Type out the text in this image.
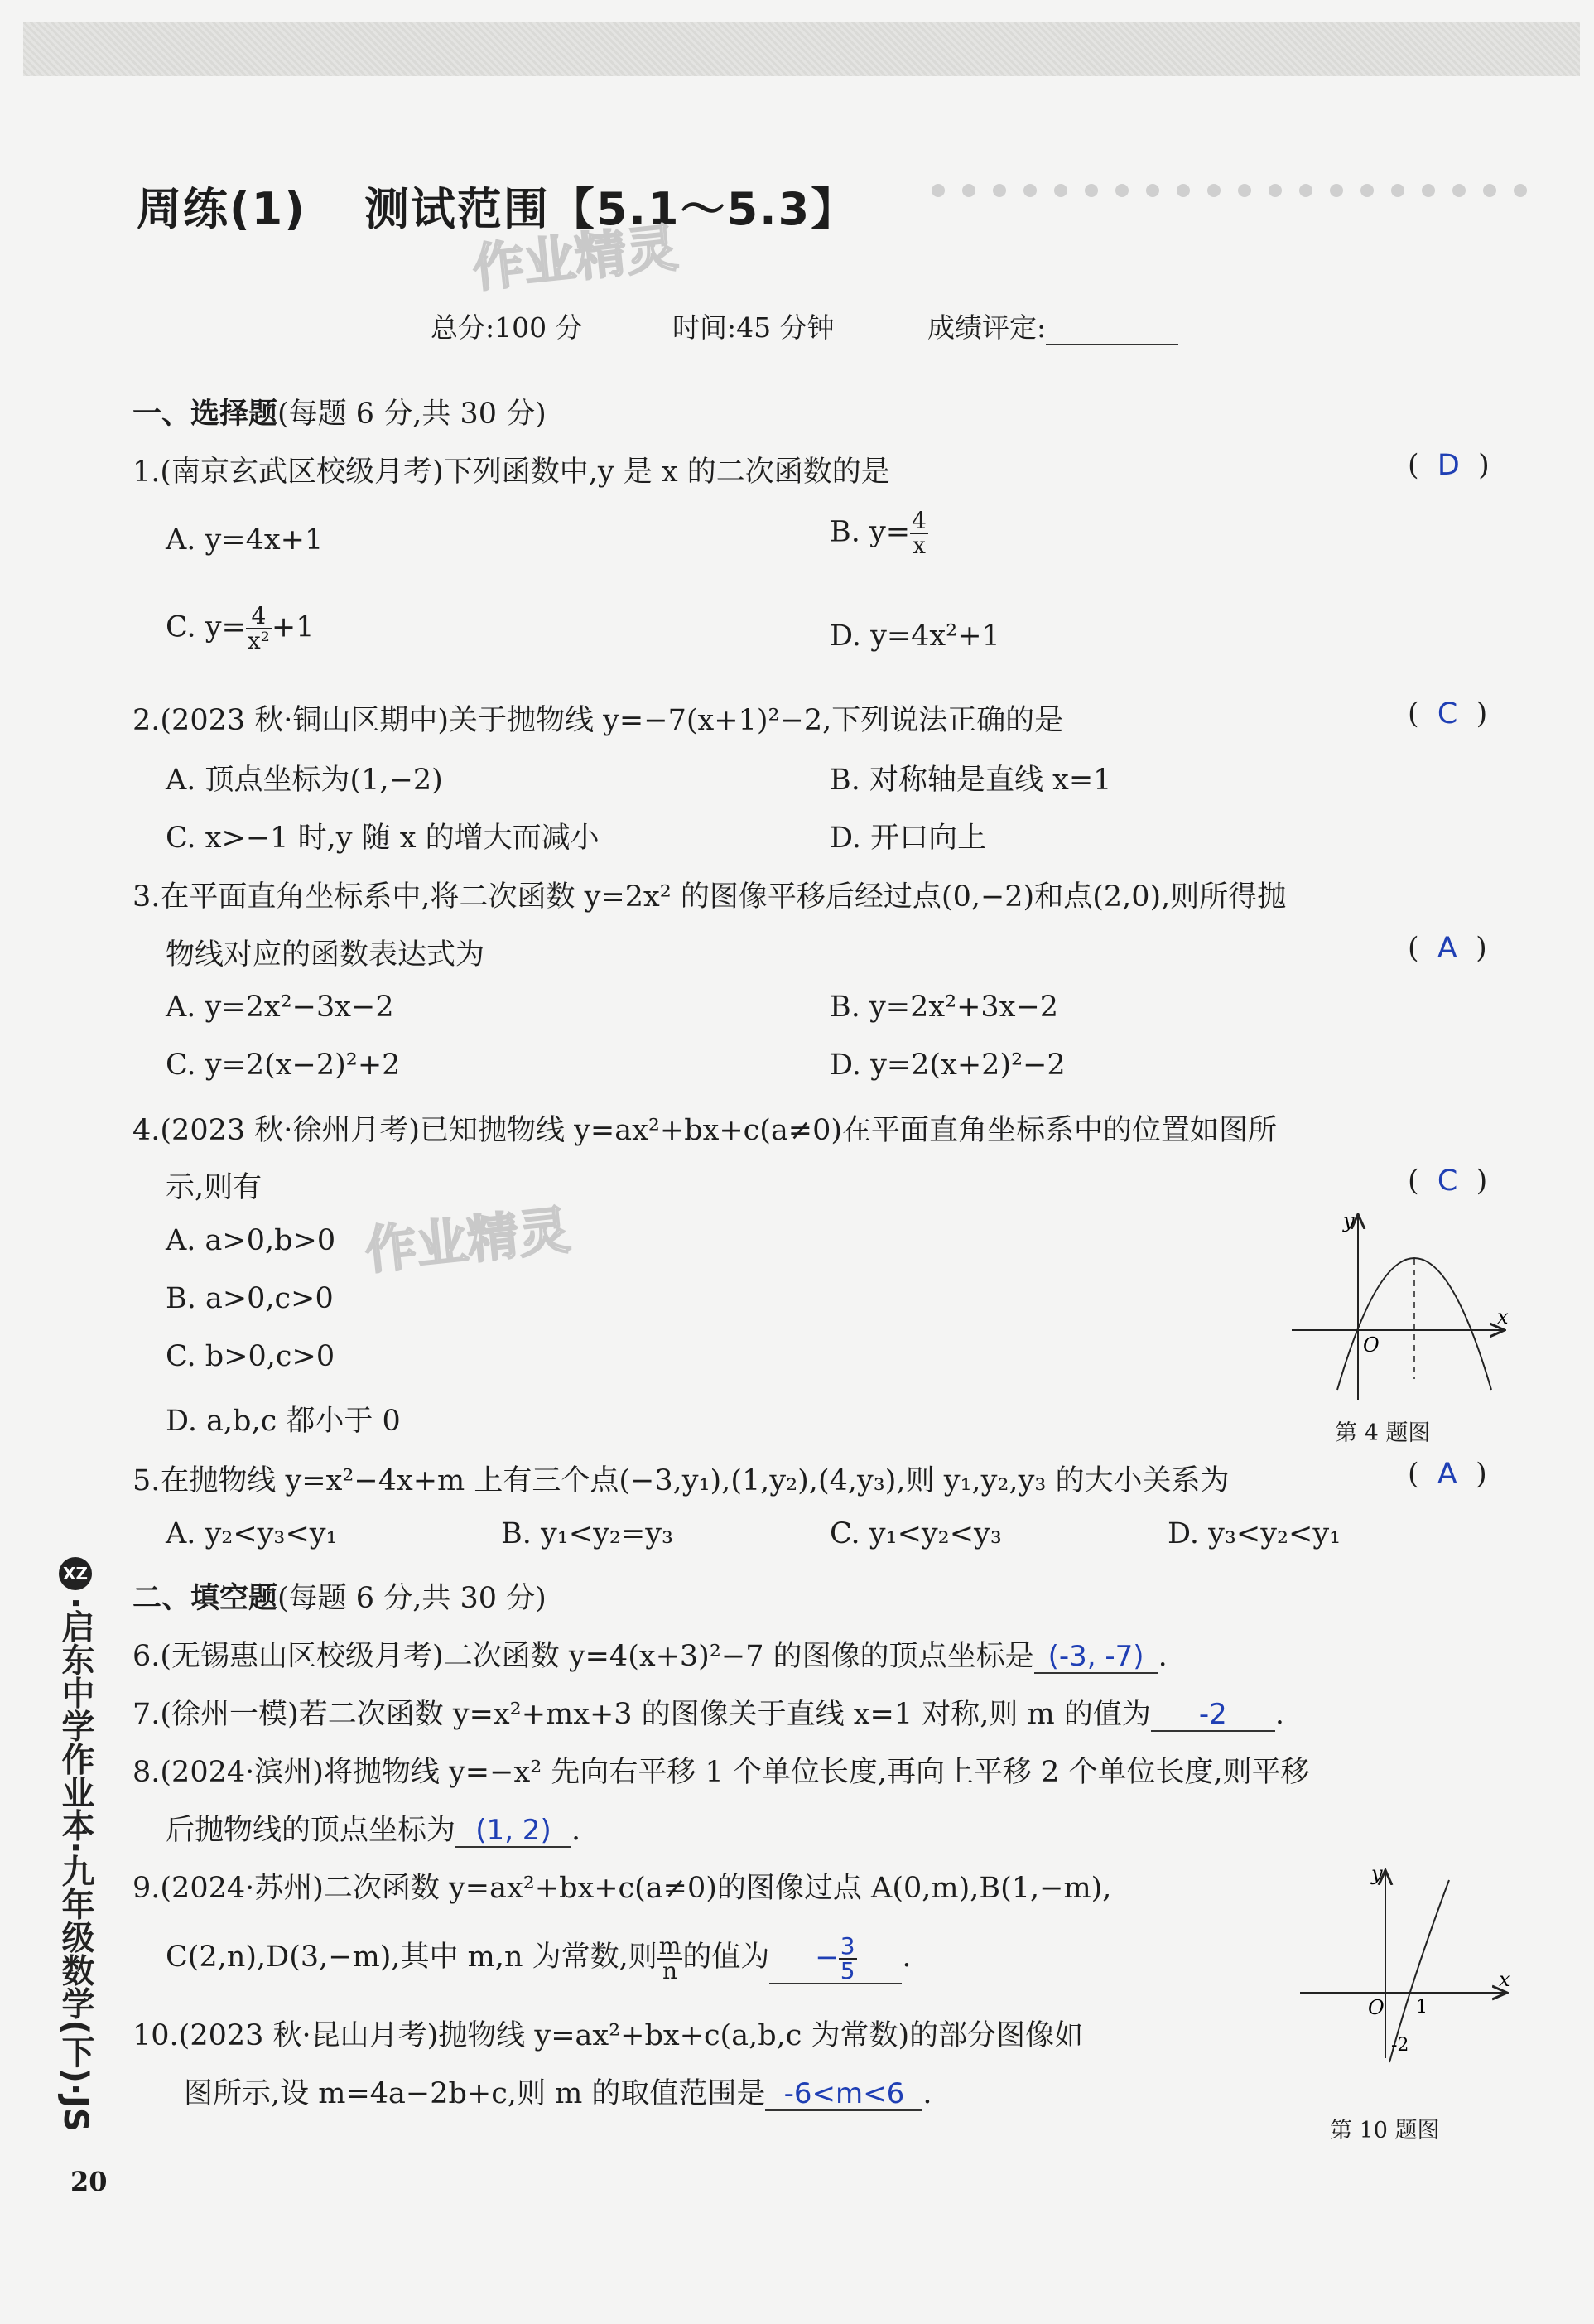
周练(1) 测试范围【5.1～5.3】
作业精灵
总分:100 分	时间:45 分钟	成绩评定:
一、选择题(每题 6 分,共 30 分)
1.(南京玄武区校级月考)下列函数中,y 是 x 的二次函数的是	(  D  )
A. y=4x+1	B. $y= \frac{4}{x}$
C. $y= \frac{4}{\text{x²}} +1$	D. y=4x²+1
2.(2023 秋·铜山区期中)关于抛物线 y=−7(x+1)²−2,下列说法正确的是	(  C  )
A. 顶点坐标为(1,−2)	B. 对称轴是直线 x=1
C. x>−1 时,y 随 x 的增大而减小	D. 开口向上
3.在平面直角坐标系中,将二次函数 y=2x² 的图像平移后经过点(0,−2)和点(2,0),则所得抛
物线对应的函数表达式为	(  A  )
A. y=2x²−3x−2	B. y=2x²+3x−2
C. y=2(x−2)²+2	D. y=2(x+2)²−2
4.(2023 秋·徐州月考)已知抛物线 y=ax²+bx+c(a≠0)在平面直角坐标系中的位置如图所
示,则有	(  C  )
A. a>0,b>0 作业精灵
B. a>0,c>0
C. b>0,c>0
D. a,b,c 都小于 0
x
y
O
第 4 题图
5.在抛物线 y=x²−4x+m 上有三个点(−3,y₁),(1,y₂),(4,y₃),则 y₁,y₂,y₃ 的大小关系为	(  A  )
A. y₂<y₃<y₁	B. y₁<y₂=y₃	C. y₁<y₂<y₃	D. y₃<y₂<y₁
二、填空题(每题 6 分,共 30 分)
6.(无锡惠山区校级月考)二次函数 y=4(x+3)²−7 的图像的顶点坐标是 (-3, -7) .
7.(徐州一模)若二次函数 y=x²+mx+3 的图像关于直线 x=1 对称,则 m 的值为 -2 .
8.(2024·滨州)将抛物线 y=−x² 先向右平移 1 个单位长度,再向上平移 2 个单位长度,则平移
后抛物线的顶点坐标为 (1, 2) .
9.(2024·苏州)二次函数 y=ax²+bx+c(a≠0)的图像过点 A(0,m),B(1,−m),
C(2,n),D(3,−m),其中 m,n 为常数,则 $\frac{m}{n}$ 的值为 − $\frac{3}{5}$ .
10.(2023 秋·昆山月考)抛物线 y=ax²+bx+c(a,b,c 为常数)的部分图像如
图所示,设 m=4a−2b+c,则 m 的取值范围是 -6<m<6 .
x
y
O 1
-2
第 10 题图
XZ·启东中学作业本·九年级数学(下)·JS
20
